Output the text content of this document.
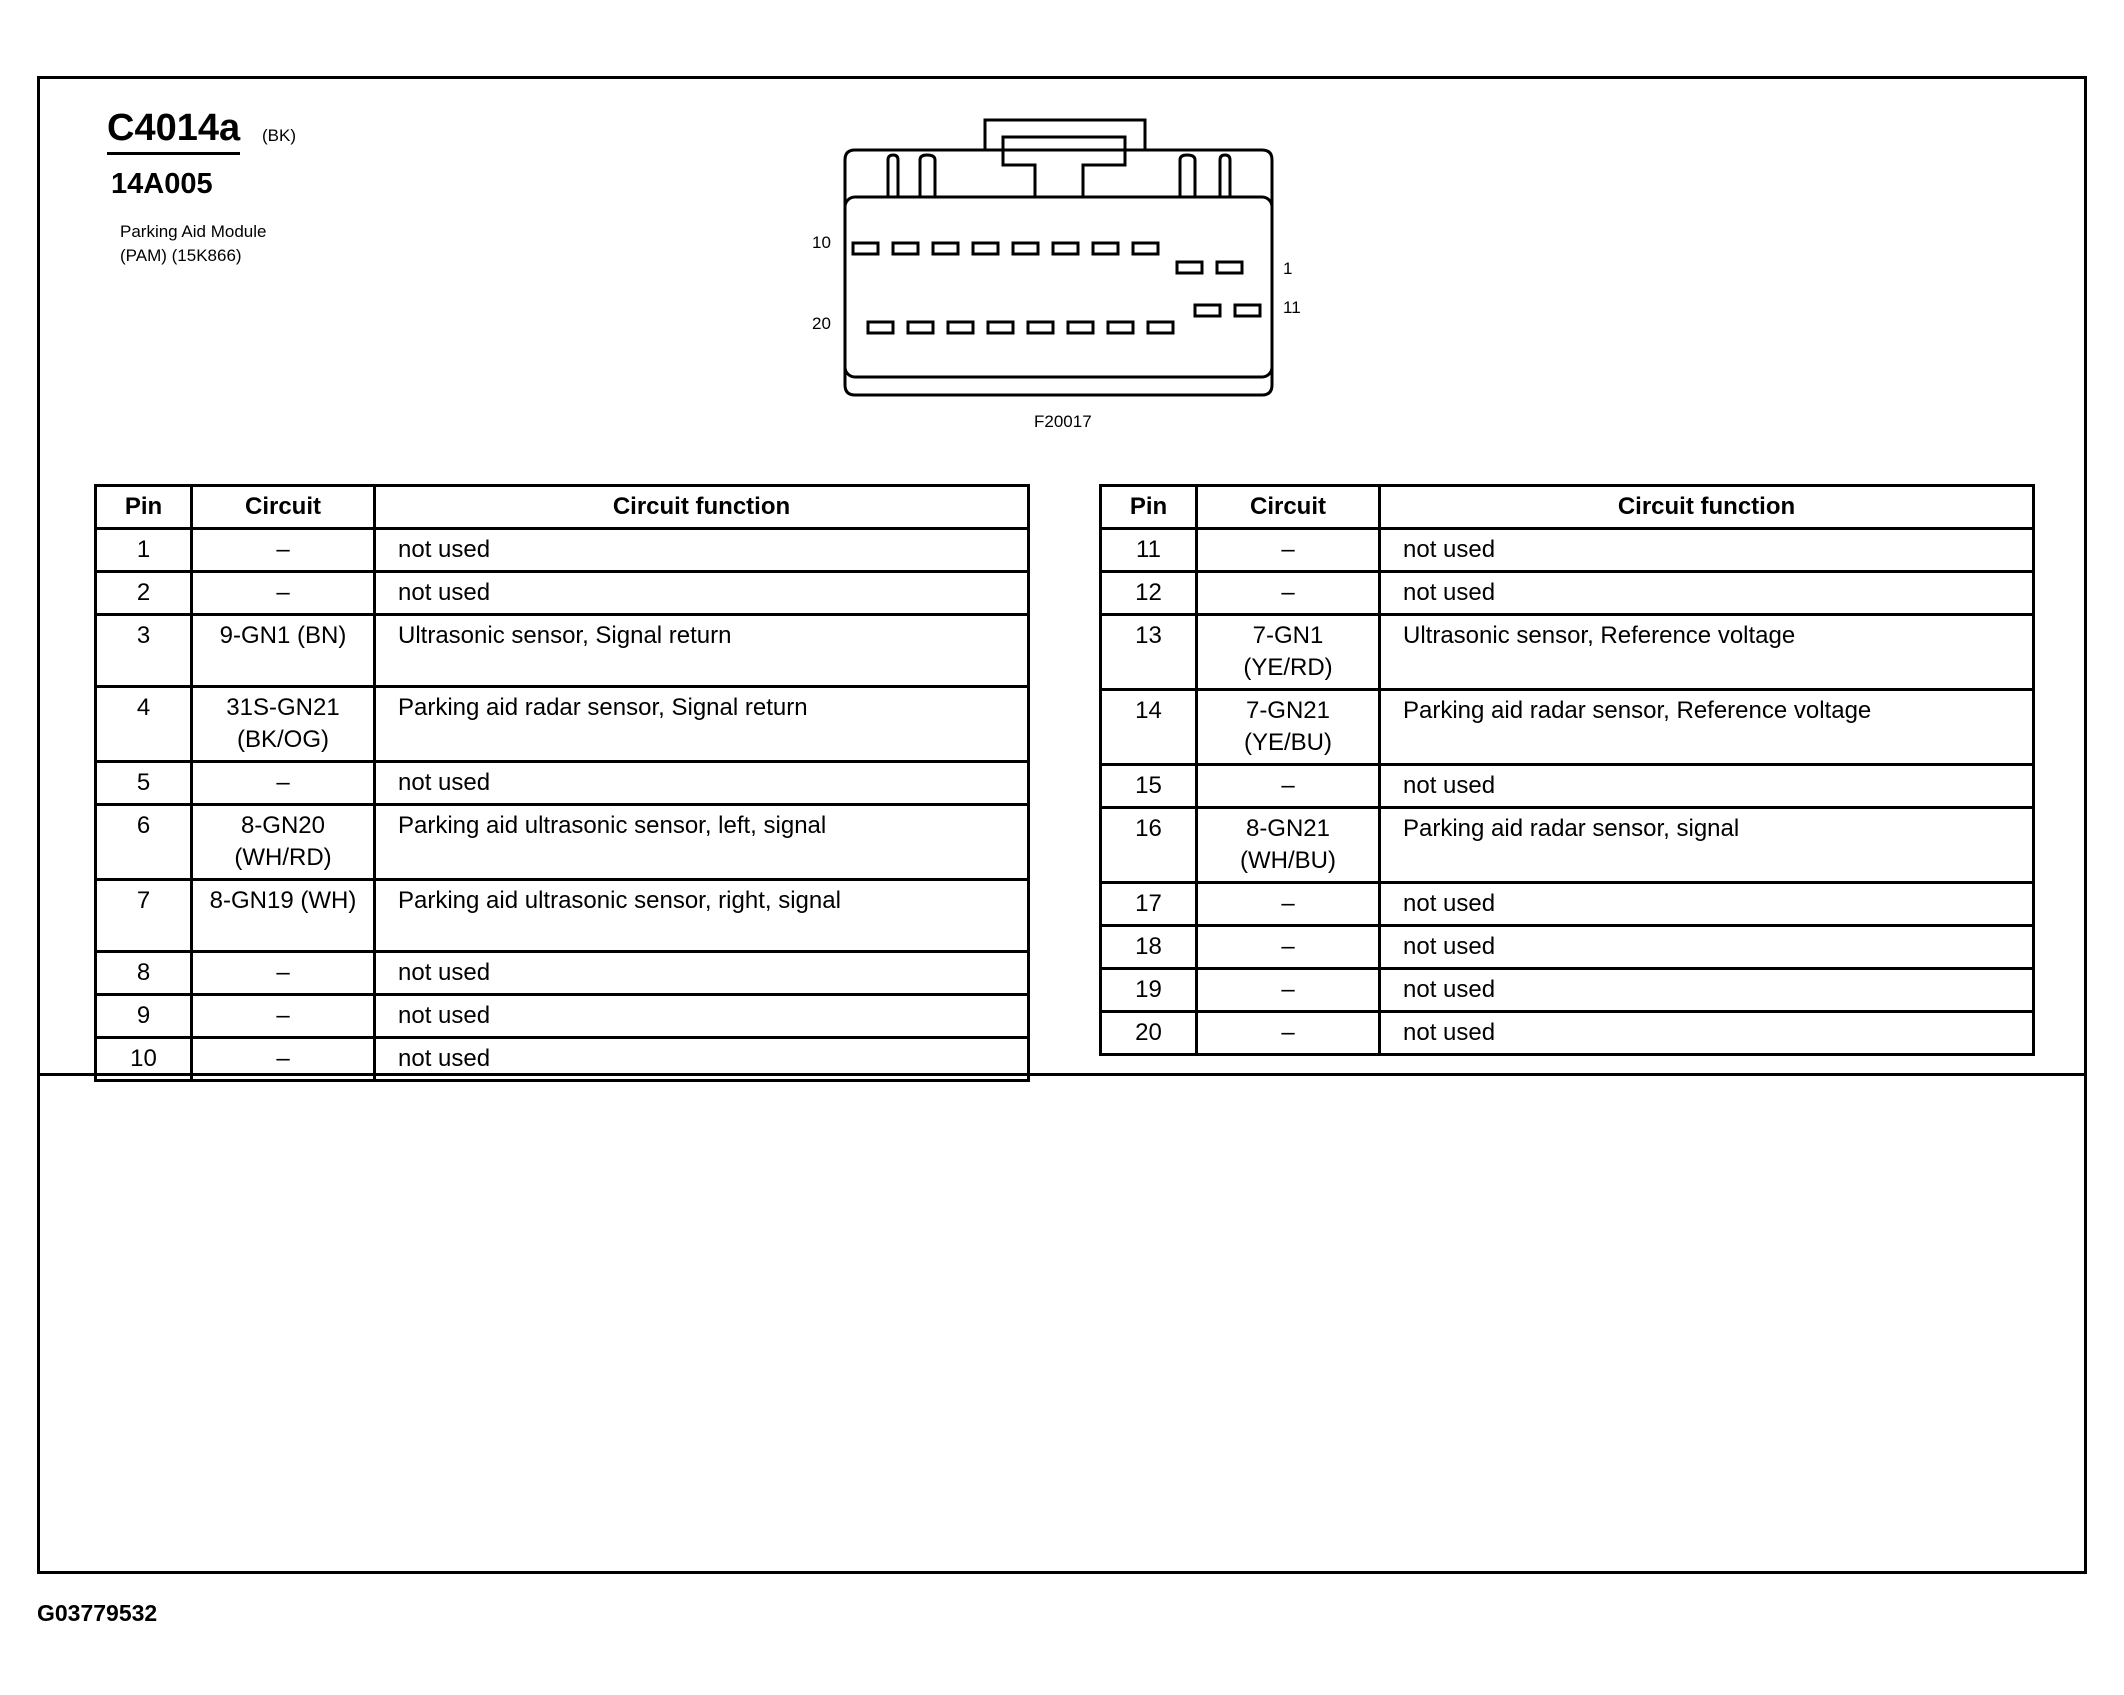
C4014a (BK)
14A005
Parking Aid Module
(PAM) (15K866)
10
1
20
11
F20017
Pin	Circuit	Circuit function
1	–	not used
2	–	not used
3	9-GN1 (BN)	Ultrasonic sensor, Signal return
4	31S-GN21
(BK/OG)	Parking aid radar sensor, Signal return
5	–	not used
6	8-GN20
(WH/RD)	Parking aid ultrasonic sensor, left, signal
7	8-GN19 (WH)	Parking aid ultrasonic sensor, right, signal
8	–	not used
9	–	not used
10	–	not used
Pin	Circuit	Circuit function
11	–	not used
12	–	not used
13	7-GN1
(YE/RD)	Ultrasonic sensor, Reference voltage
14	7-GN21
(YE/BU)	Parking aid radar sensor, Reference voltage
15	–	not used
16	8-GN21
(WH/BU)	Parking aid radar sensor, signal
17	–	not used
18	–	not used
19	–	not used
20	–	not used
G03779532
